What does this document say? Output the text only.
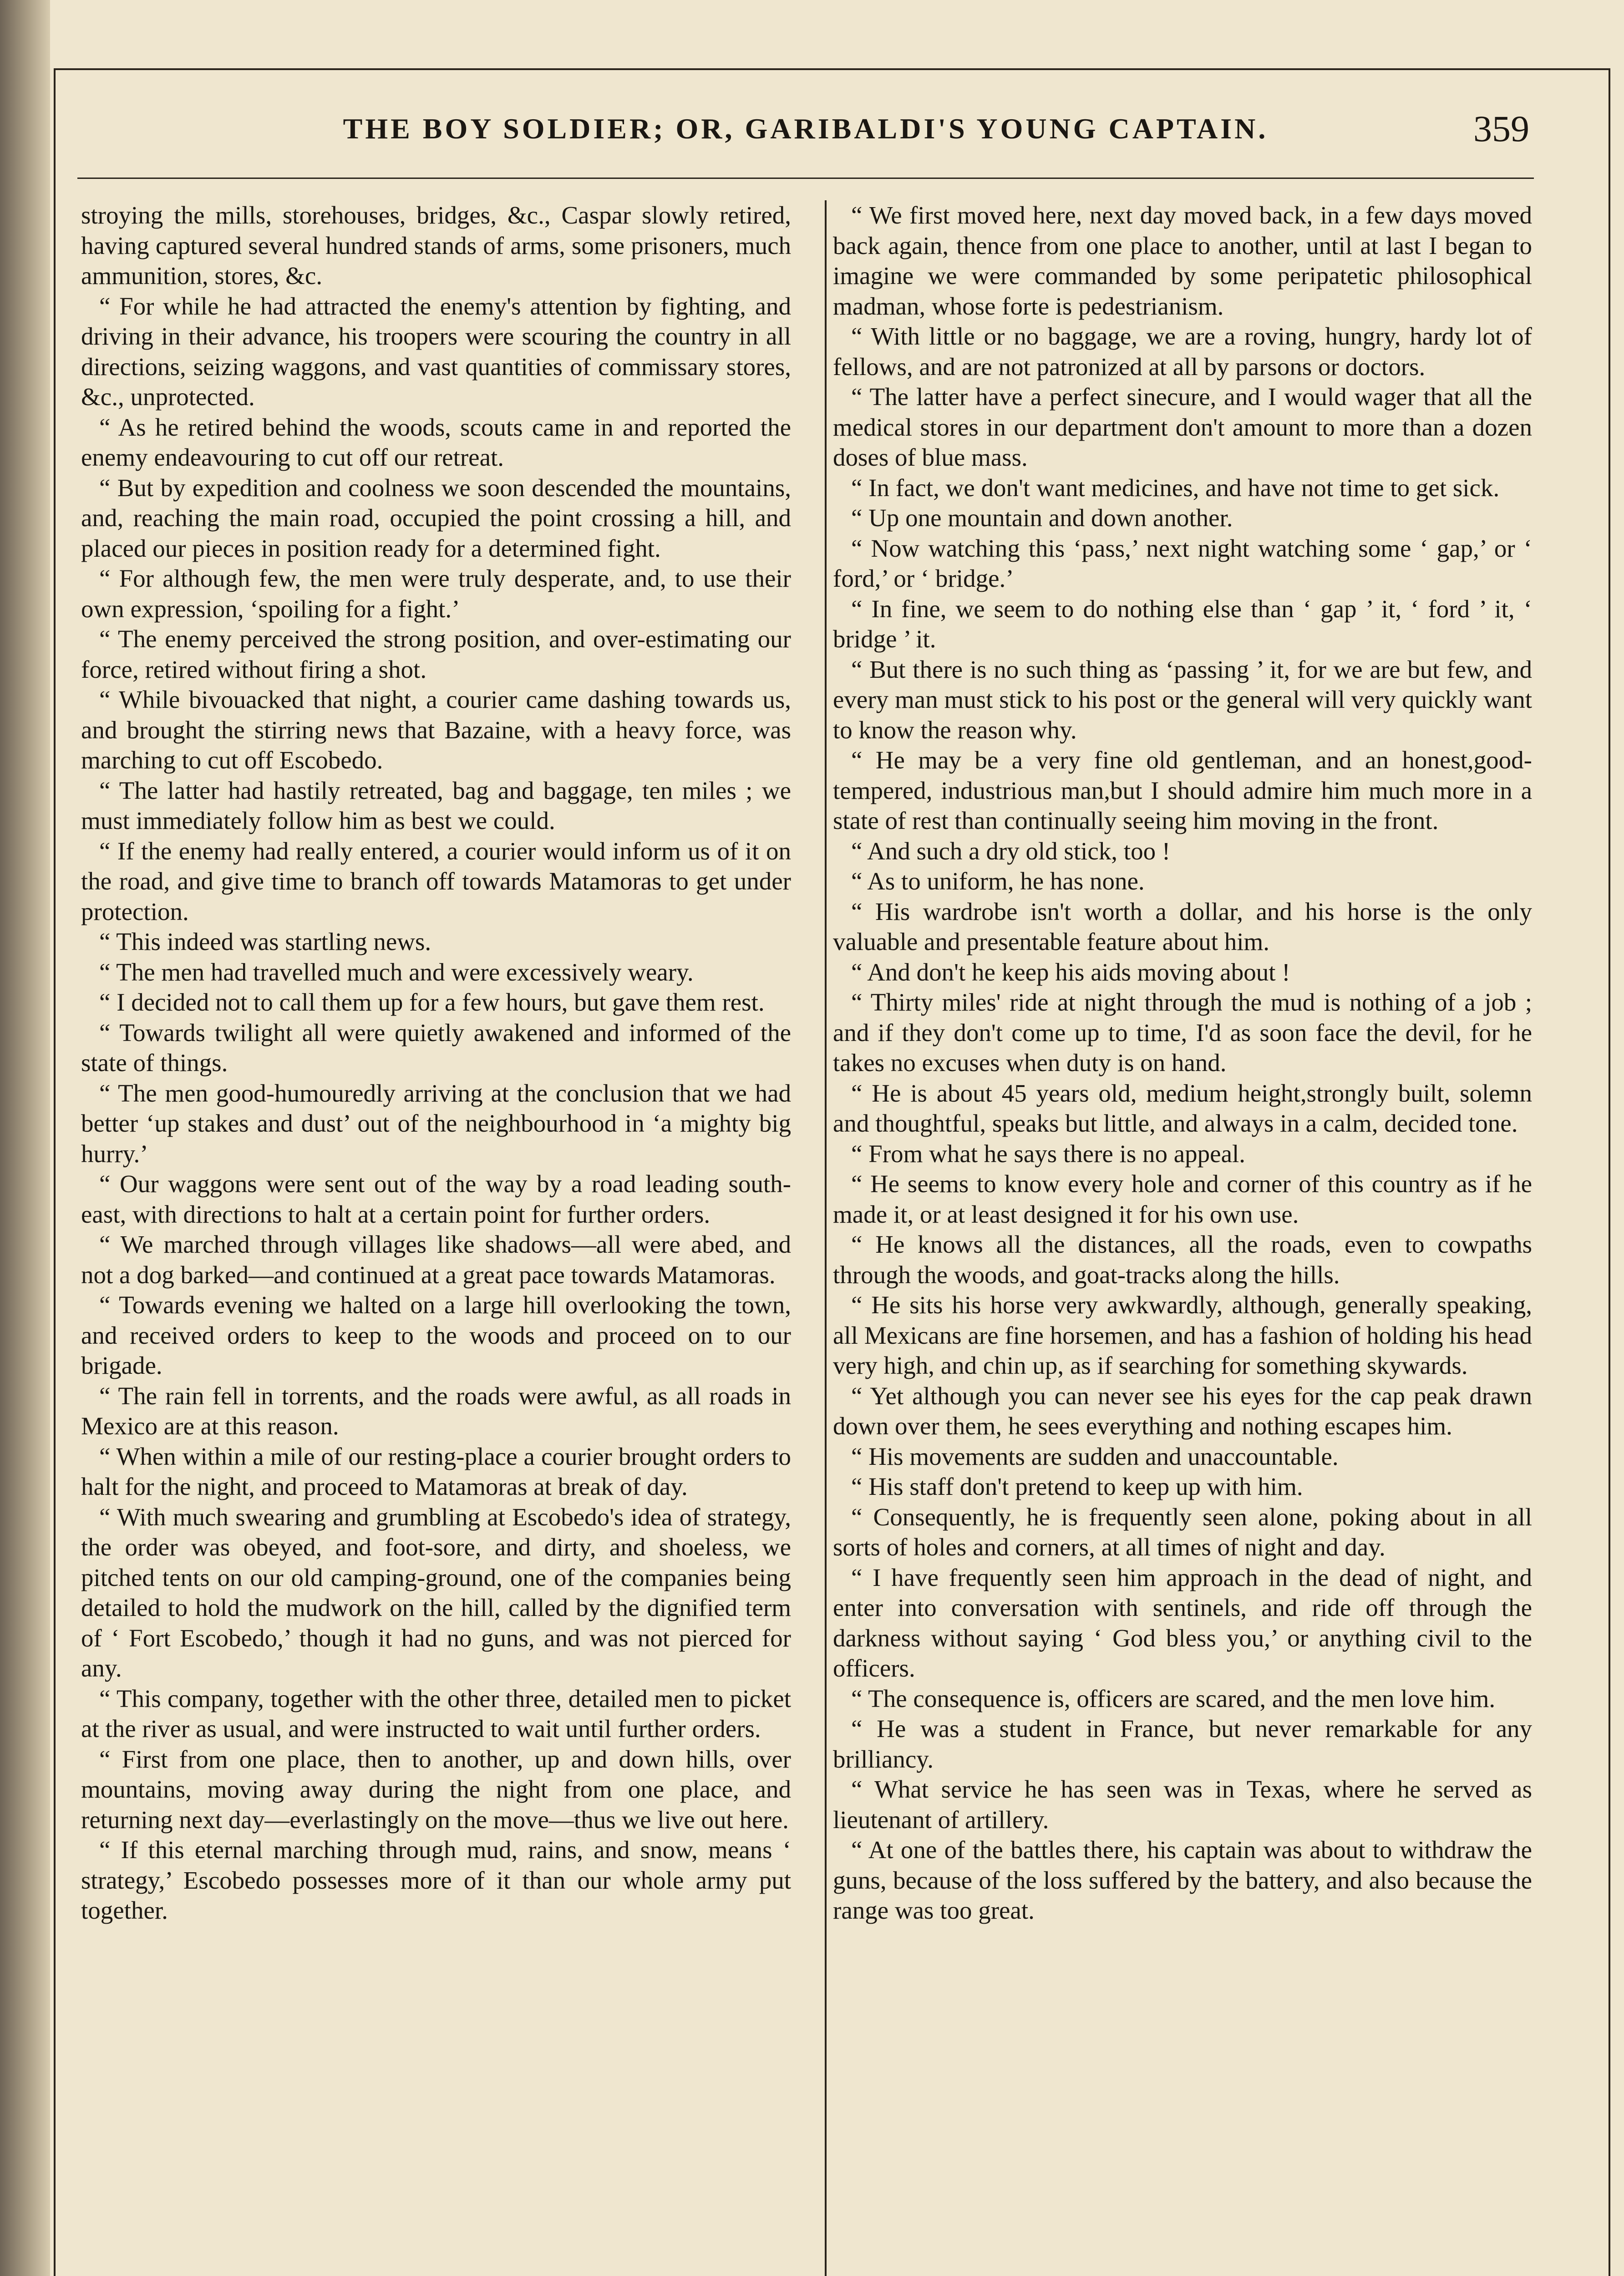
THE BOY SOLDIER; OR, GARIBALDI'S YOUNG CAPTAIN.	359

stroying the mills, storehouses, bridges, &c., Caspar slowly retired, having captured several hundred stands of arms, some prisoners, much ammunition, stores, &c.

“ For while he had attracted the enemy's attention by fighting, and driving in their advance, his troopers were scouring the country in all directions, seizing waggons, and vast quantities of commissary stores, &c., unprotected.

“ As he retired behind the woods, scouts came in and reported the enemy endeavouring to cut off our retreat.

“ But by expedition and coolness we soon descended the mountains, and, reaching the main road, occupied the point crossing a hill, and placed our pieces in position ready for a determined fight.

“ For although few, the men were truly desperate, and, to use their own expression, ‘spoiling for a fight.’

“ The enemy perceived the strong position, and over-estimating our force, retired without firing a shot.

“ While bivouacked that night, a courier came dashing towards us, and brought the stirring news that Bazaine, with a heavy force, was marching to cut off Escobedo.

“ The latter had hastily retreated, bag and baggage, ten miles ; we must immediately follow him as best we could.

“ If the enemy had really entered, a courier would inform us of it on the road, and give time to branch off towards Matamoras to get under protection.

“ This indeed was startling news.

“ The men had travelled much and were excessively weary.

“ I decided not to call them up for a few hours, but gave them rest.

“ Towards twilight all were quietly awakened and informed of the state of things.

“ The men good-humouredly arriving at the conclusion that we had better ‘up stakes and dust’ out of the neighbourhood in ‘a mighty big hurry.’

“ Our waggons were sent out of the way by a road leading south-east, with directions to halt at a certain point for further orders.

“ We marched through villages like shadows—all were abed, and not a dog barked—and continued at a great pace towards Matamoras.

“ Towards evening we halted on a large hill overlooking the town, and received orders to keep to the woods and proceed on to our brigade.

“ The rain fell in torrents, and the roads were awful, as all roads in Mexico are at this reason.

“ When within a mile of our resting-place a courier brought orders to halt for the night, and proceed to Matamoras at break of day.

“ With much swearing and grumbling at Escobedo's idea of strategy, the order was obeyed, and foot-sore, and dirty, and shoeless, we pitched tents on our old camping-ground, one of the companies being detailed to hold the mudwork on the hill, called by the dignified term of ‘ Fort Escobedo,’ though it had no guns, and was not pierced for any.

“ This company, together with the other three, detailed men to picket at the river as usual, and were instructed to wait until further orders.

“ First from one place, then to another, up and down hills, over mountains, moving away during the night from one place, and returning next day—everlastingly on the move—thus we live out here.

“ If this eternal marching through mud, rains, and snow, means ‘ strategy,’ Escobedo possesses more of it than our whole army put together.

“ We first moved here, next day moved back, in a few days moved back again, thence from one place to another, until at last I began to imagine we were commanded by some peripatetic philosophical madman, whose forte is pedestrianism.

“ With little or no baggage, we are a roving, hungry, hardy lot of fellows, and are not patronized at all by parsons or doctors.

“ The latter have a perfect sinecure, and I would wager that all the medical stores in our department don't amount to more than a dozen doses of blue mass.

“ In fact, we don't want medicines, and have not time to get sick.

“ Up one mountain and down another.

“ Now watching this ‘pass,’ next night watching some ‘ gap,’ or ‘ ford,’ or ‘ bridge.’

“ In fine, we seem to do nothing else than ‘ gap ’ it, ‘ ford ’ it, ‘ bridge ’ it.

“ But there is no such thing as ‘passing ’ it, for we are but few, and every man must stick to his post or the general will very quickly want to know the reason why.

“ He may be a very fine old gentleman, and an honest,good-tempered, industrious man,but I should admire him much more in a state of rest than continually seeing him moving in the front.

“ And such a dry old stick, too !

“ As to uniform, he has none.

“ His wardrobe isn't worth a dollar, and his horse is the only valuable and presentable feature about him.

“ And don't he keep his aids moving about !

“ Thirty miles' ride at night through the mud is nothing of a job ; and if they don't come up to time, I'd as soon face the devil, for he takes no excuses when duty is on hand.

“ He is about 45 years old, medium height,strongly built, solemn and thoughtful, speaks but little, and always in a calm, decided tone.

“ From what he says there is no appeal.

“ He seems to know every hole and corner of this country as if he made it, or at least designed it for his own use.

“ He knows all the distances, all the roads, even to cowpaths through the woods, and goat-tracks along the hills.

“ He sits his horse very awkwardly, although, generally speaking, all Mexicans are fine horsemen, and has a fashion of holding his head very high, and chin up, as if searching for something skywards.

“ Yet although you can never see his eyes for the cap peak drawn down over them, he sees everything and nothing escapes him.

“ His movements are sudden and unaccountable.

“ His staff don't pretend to keep up with him.

“ Consequently, he is frequently seen alone, poking about in all sorts of holes and corners, at all times of night and day.

“ I have frequently seen him approach in the dead of night, and enter into conversation with sentinels, and ride off through the darkness without saying ‘ God bless you,’ or anything civil to the officers.

“ The consequence is, officers are scared, and the men love him.

“ He was a student in France, but never remarkable for any brilliancy.

“ What service he has seen was in Texas, where he served as lieutenant of artillery.

“ At one of the battles there, his captain was about to withdraw the guns, because of the loss suffered by the battery, and also because the range was too great.
